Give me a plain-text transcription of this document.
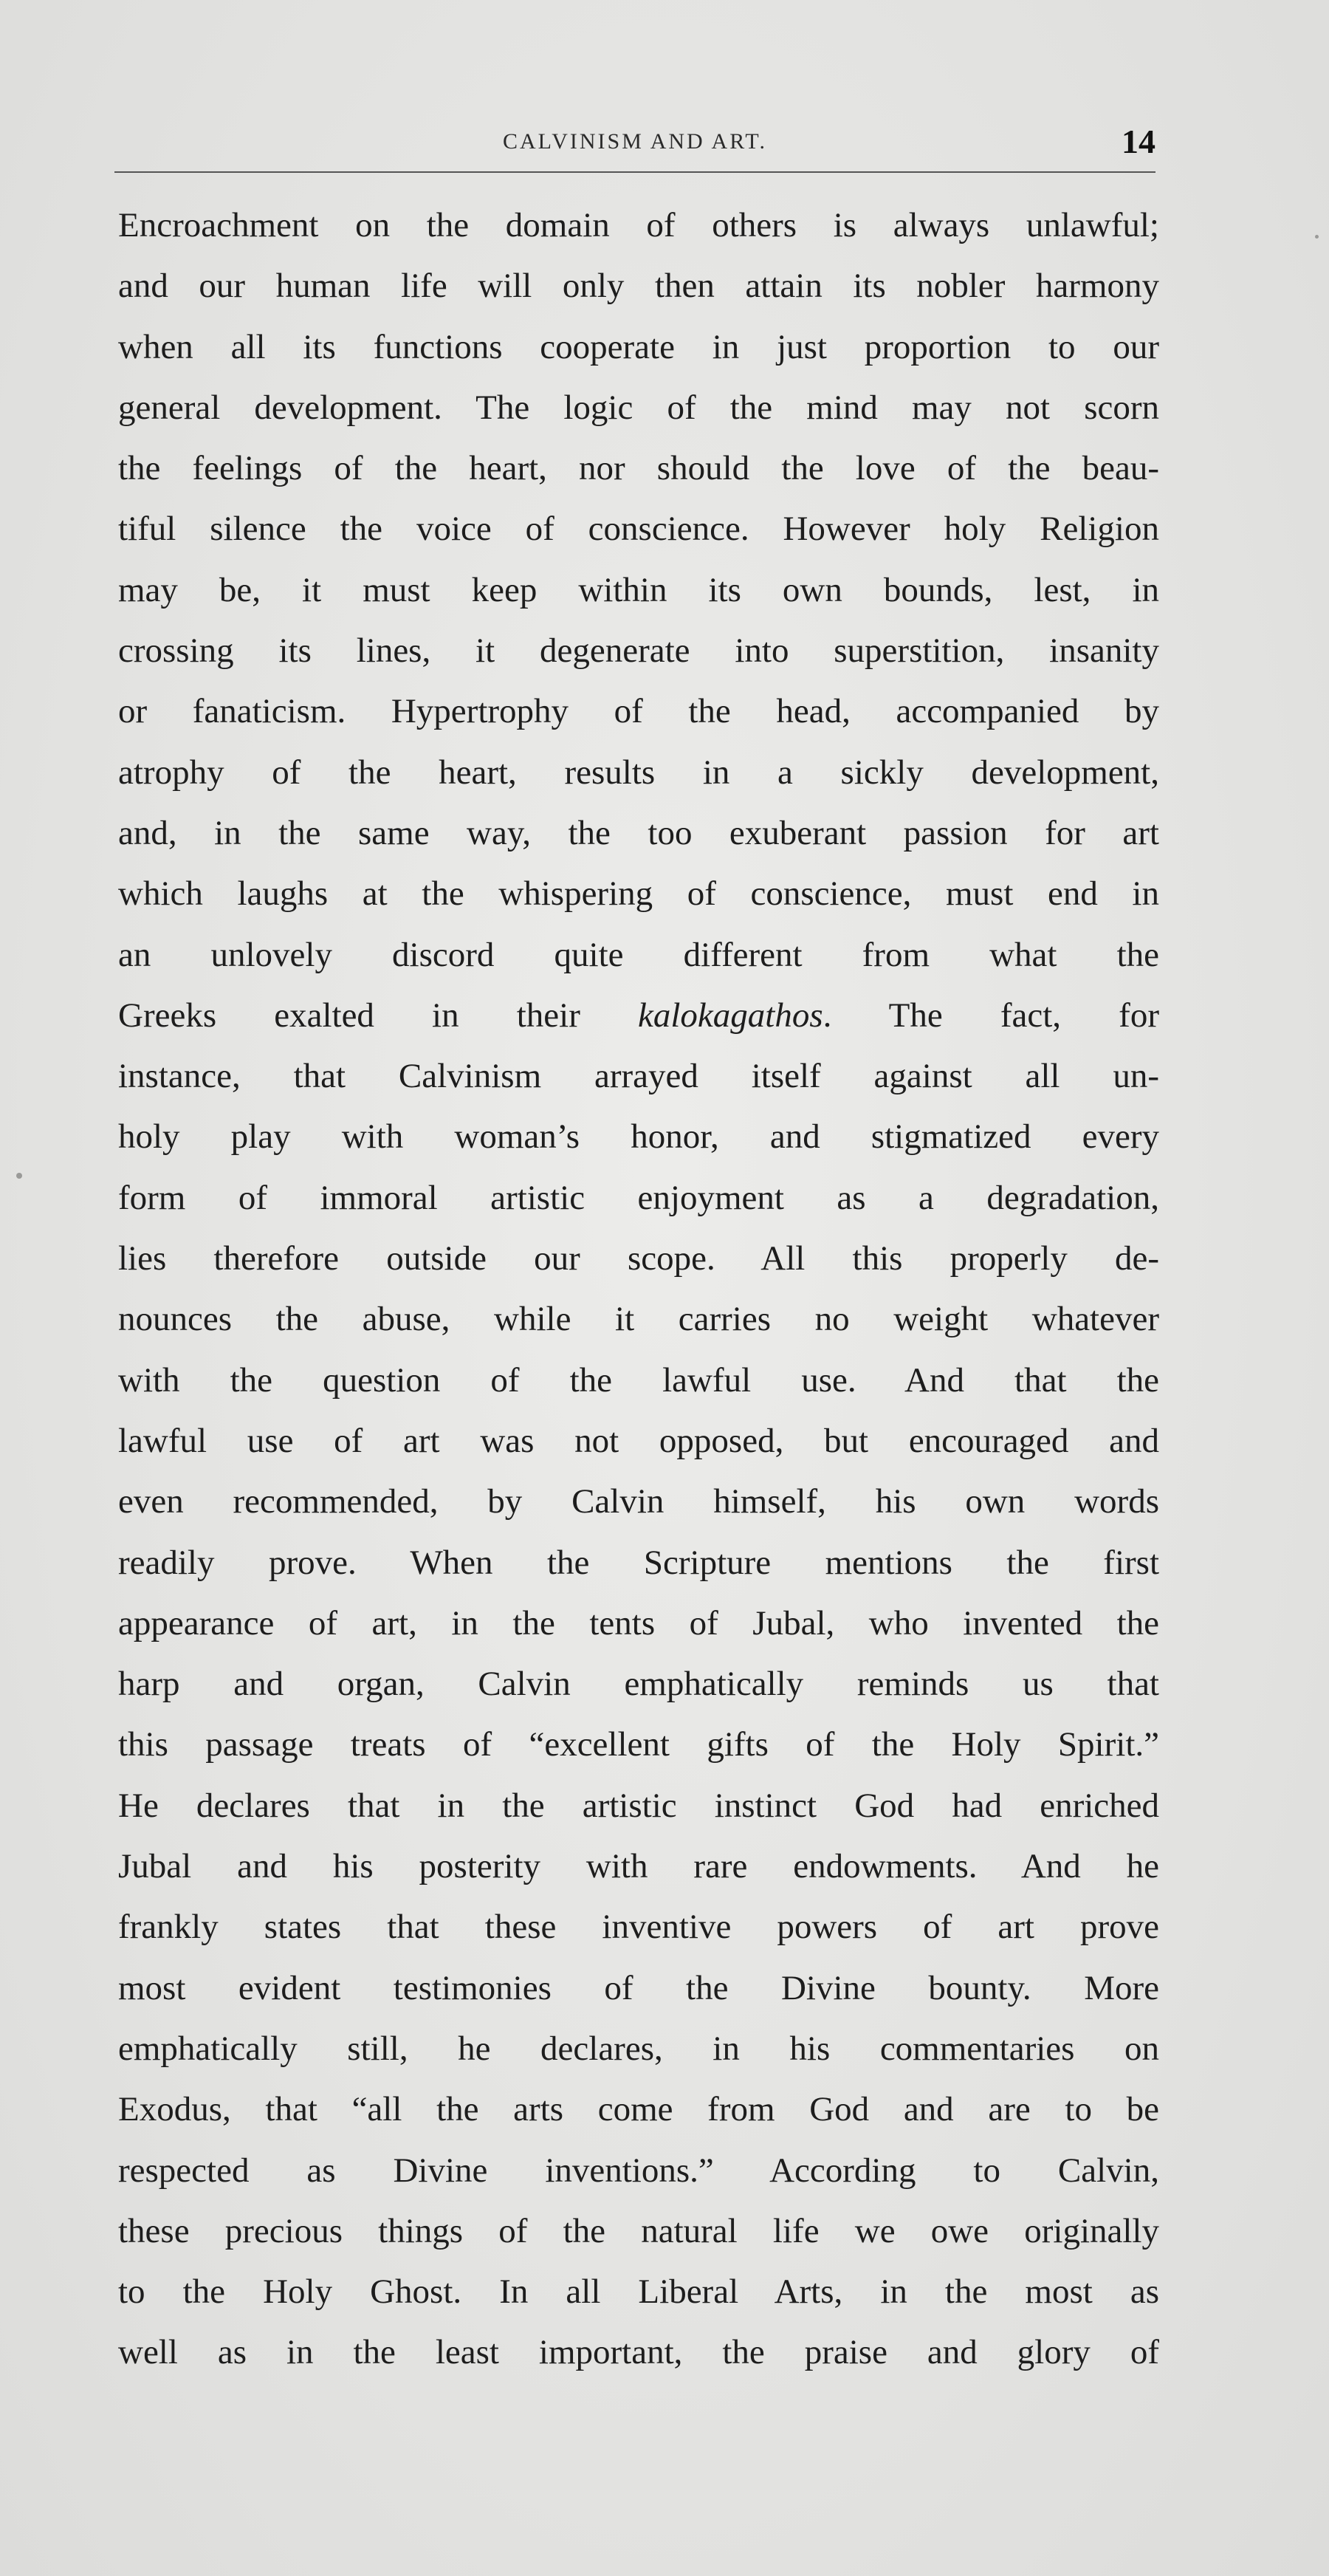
CALVINISM AND ART.	14
Encroachment on the domain of others is always unlawful;
and our human life will only then attain its nobler harmony
when all its functions cooperate in just proportion to our
general development. The logic of the mind may not scorn
the feelings of the heart, nor should the love of the beau-
tiful silence the voice of conscience. However holy Religion
may be, it must keep within its own bounds, lest, in
crossing its lines, it degenerate into superstition, insanity
or fanaticism. Hypertrophy of the head, accompanied by
atrophy of the heart, results in a sickly development,
and, in the same way, the too exuberant passion for art
which laughs at the whispering of conscience, must end in
an unlovely discord quite different from what the
Greeks exalted in their kalokagathos. The fact, for
instance, that Calvinism arrayed itself against all un-
holy play with woman’s honor, and stigmatized every
form of immoral artistic enjoyment as a degradation,
lies therefore outside our scope. All this properly de-
nounces the abuse, while it carries no weight whatever
with the question of the lawful use. And that the
lawful use of art was not opposed, but encouraged and
even recommended, by Calvin himself, his own words
readily prove. When the Scripture mentions the first
appearance of art, in the tents of Jubal, who invented the
harp and organ, Calvin emphatically reminds us that
this passage treats of “excellent gifts of the Holy Spirit.”
He declares that in the artistic instinct God had enriched
Jubal and his posterity with rare endowments. And he
frankly states that these inventive powers of art prove
most evident testimonies of the Divine bounty. More
emphatically still, he declares, in his commentaries on
Exodus, that “all the arts come from God and are to be
respected as Divine inventions.” According to Calvin,
these precious things of the natural life we owe originally
to the Holy Ghost. In all Liberal Arts, in the most as
well as in the least important, the praise and glory of
